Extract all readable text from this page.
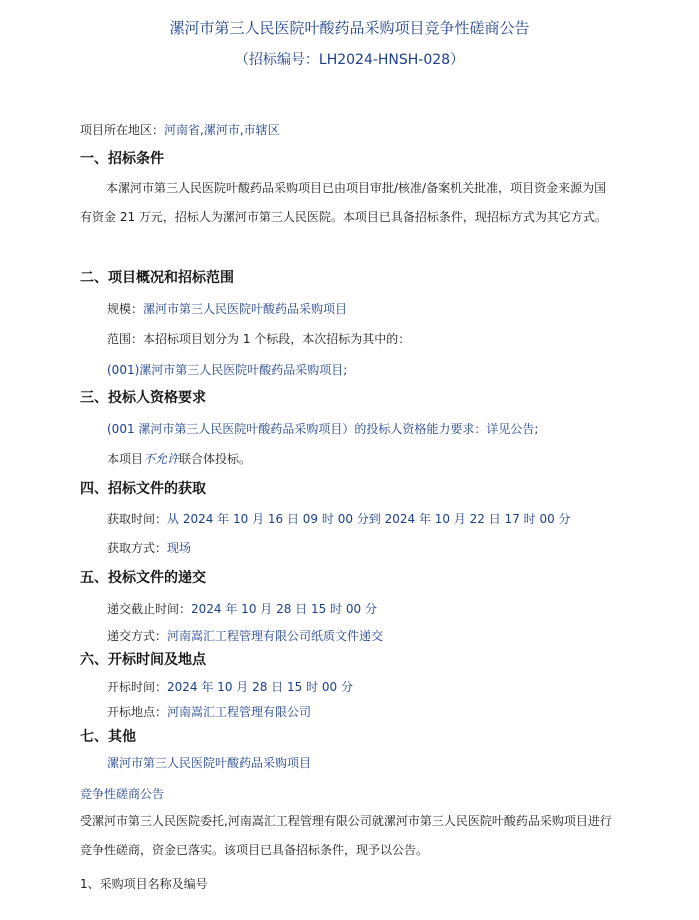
漯河市第三人民医院叶酸药品采购项目竞争性磋商公告
（招标编号：LH2024-HNSH-028）
项目所在地区：河南省,漯河市,市辖区
一、招标条件
本漯河市第三人民医院叶酸药品采购项目已由项目审批/核准/备案机关批准，项目资金来源为国有资金 21 万元，招标人为漯河市第三人民医院。本项目已具备招标条件，现招标方式为其它方式。
二、项目概况和招标范围
规模：漯河市第三人民医院叶酸药品采购项目
范围：本招标项目划分为 1 个标段，本次招标为其中的：
(001)漯河市第三人民医院叶酸药品采购项目;
三、投标人资格要求
(001 漯河市第三人民医院叶酸药品采购项目）的投标人资格能力要求：详见公告;
本项目不允许联合体投标。
四、招标文件的获取
获取时间：从 2024 年 10 月 16 日 09 时 00 分到 2024 年 10 月 22 日 17 时 00 分
获取方式：现场
五、投标文件的递交
递交截止时间：2024 年 10 月 28 日 15 时 00 分
递交方式：河南嵩汇工程管理有限公司纸质文件递交
六、开标时间及地点
开标时间：2024 年 10 月 28 日 15 时 00 分
开标地点：河南嵩汇工程管理有限公司
七、其他
漯河市第三人民医院叶酸药品采购项目
竞争性磋商公告
受漯河市第三人民医院委托,河南嵩汇工程管理有限公司就漯河市第三人民医院叶酸药品采购项目进行竞争性磋商，资金已落实。该项目已具备招标条件，现予以公告。
1、采购项目名称及编号
